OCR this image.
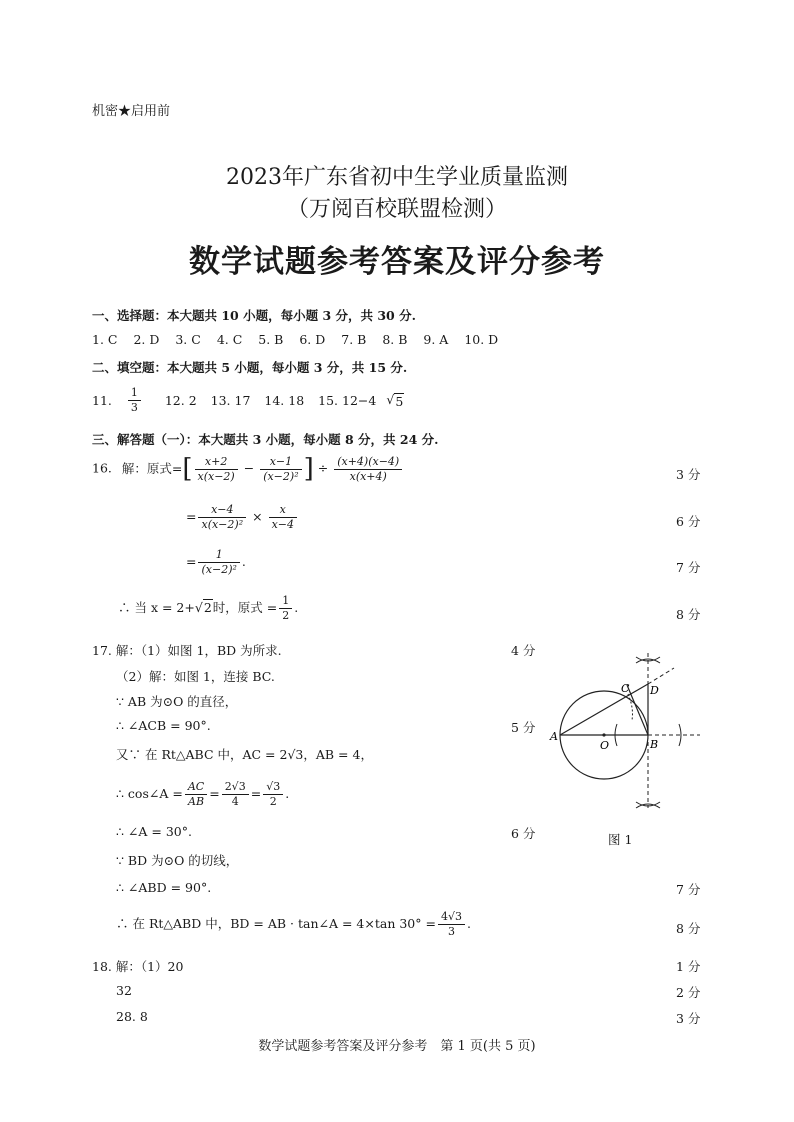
机密★启用前
2023年广东省初中生学业质量监测
（万阅百校联盟检测）
数学试题参考答案及评分参考
一、选择题：本大题共 10 小题，每小题 3 分，共 30 分.
1. C 2. D 3. C 4. C 5. B 6. D 7. B 8. B 9. A 10. D
二、填空题：本大题共 5 小题，每小题 3 分，共 15 分.
11. $\frac{1}{3} 12$. 2 13. 17 14. 18 15. 12−4 √5
三、解答题（一）：本大题共 3 小题，每小题 8 分，共 24 分.
16. 解：原式=[ $\frac{x+2}{x(x-2)} - \frac{x-1}{\text{(x−2)²}}$ ] ÷ $\frac{(x+4)(x-4)}{x(x+4)}$	3 分
= $\frac{x-4}{\text{x(x−2)²}} \times \frac{x}{x-4}$	6 分
= $\frac{1}{\text{(x−2)²}}$ .	7 分
∴ 当 x = 2+√2时，原式 = $\frac{1}{2}$ .	8 分
17. 解：（1）如图 1，BD 为所求.	4 分
（2）解：如图 1，连接 BC.
∵ AB 为⊙O 的直径，
∴ ∠ACB = 90°.	5 分
又∵ 在 Rt△ABC 中，AC = 2√3，AB = 4，
∴ cos∠A = $\frac{AC}{AB} = \frac{2√3}{4} = \frac{√3}{2}$ .
∴ ∠A = 30°.	6 分
∵ BD 为⊙O 的切线，
∴ ∠ABD = 90°.	7 分
∴ 在 Rt△ABD 中，BD = AB · tan∠A = 4×tan $30^\circ = \frac{4√3}{3}$ .	8 分
A
O	B
C D
图 1
18. 解：（1）20	1 分
32	2 分
28. 8	3 分
数学试题参考答案及评分参考　第 1 页(共 5 页)
